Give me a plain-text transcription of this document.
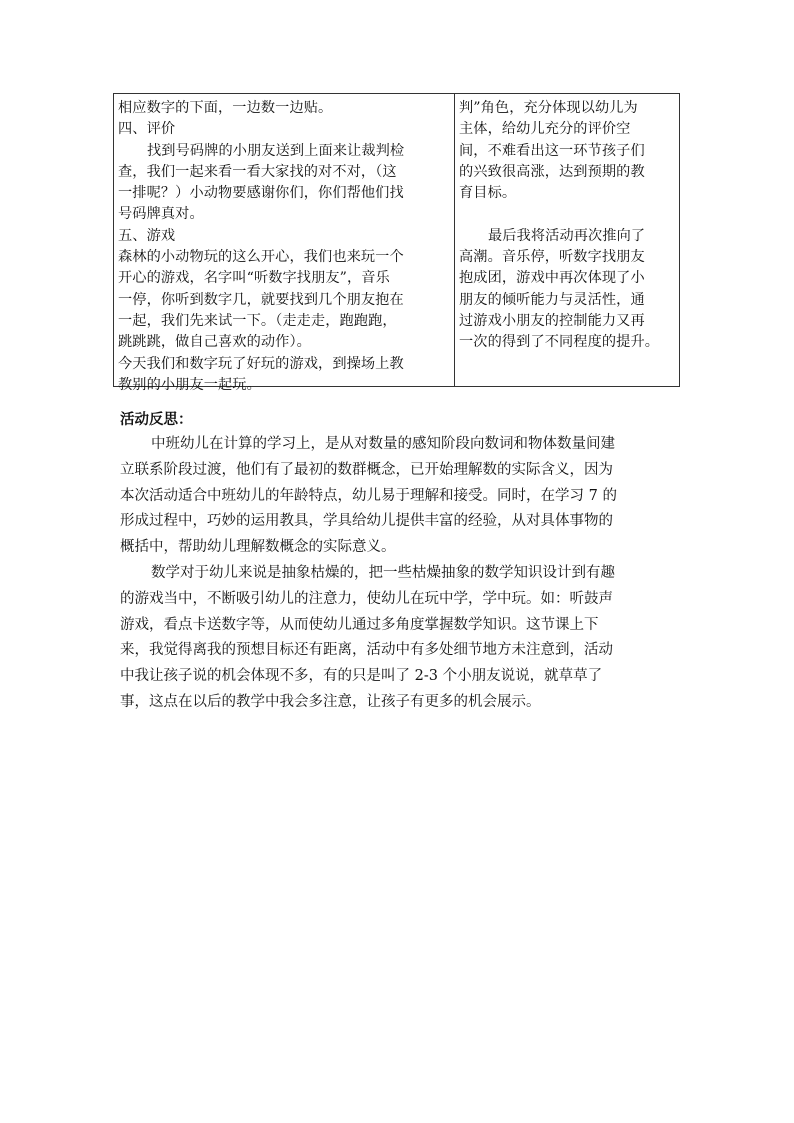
相应数字的下面，一边数一边贴。
四、评价
找到号码牌的小朋友送到上面来让裁判检
查，我们一起来看一看大家找的对不对，（这
一排呢？）小动物要感谢你们，你们帮他们找
号码牌真对。
五、游戏
森林的小动物玩的这么开心，我们也来玩一个
开心的游戏，名字叫“听数字找朋友”，音乐
一停，你听到数字几，就要找到几个朋友抱在
一起，我们先来试一下。（走走走，跑跑跑，
跳跳跳，做自己喜欢的动作）。
今天我们和数字玩了好玩的游戏，到操场上教
教别的小朋友一起玩。
判”角色，充分体现以幼儿为
主体，给幼儿充分的评价空
间，不难看出这一环节孩子们
的兴致很高涨，达到预期的教
育目标。
最后我将活动再次推向了
高潮。音乐停，听数字找朋友
抱成团，游戏中再次体现了小
朋友的倾听能力与灵活性，通
过游戏小朋友的控制能力又再
一次的得到了不同程度的提升。
活动反思：
中班幼儿在计算的学习上，是从对数量的感知阶段向数词和物体数量间建
立联系阶段过渡，他们有了最初的数群概念，已开始理解数的实际含义，因为
本次活动适合中班幼儿的年龄特点，幼儿易于理解和接受。同时，在学习 7 的
形成过程中，巧妙的运用教具，学具给幼儿提供丰富的经验，从对具体事物的
概括中，帮助幼儿理解数概念的实际意义。
数学对于幼儿来说是抽象枯燥的，把一些枯燥抽象的数学知识设计到有趣
的游戏当中，不断吸引幼儿的注意力，使幼儿在玩中学，学中玩。如：听鼓声
游戏，看点卡送数字等，从而使幼儿通过多角度掌握数学知识。这节课上下
来，我觉得离我的预想目标还有距离，活动中有多处细节地方未注意到，活动
中我让孩子说的机会体现不多，有的只是叫了 2-3 个小朋友说说，就草草了
事，这点在以后的教学中我会多注意，让孩子有更多的机会展示。
